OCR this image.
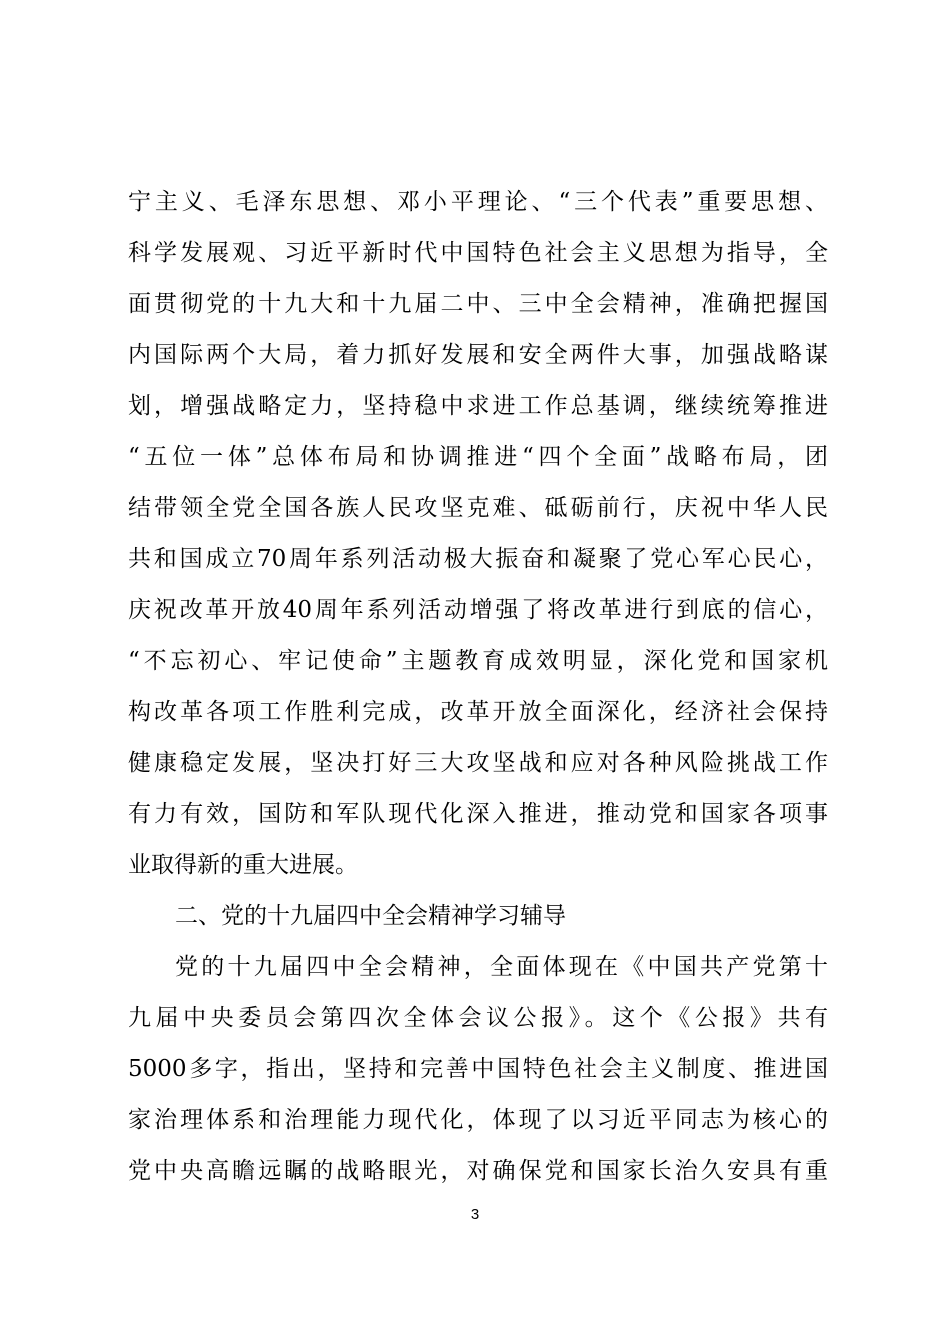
宁主义、毛泽东思想、邓小平理论、“三个代表”重要思想、
科学发展观、习近平新时代中国特色社会主义思想为指导，全
面贯彻党的十九大和十九届二中、三中全会精神，准确把握国
内国际两个大局，着力抓好发展和安全两件大事，加强战略谋
划，增强战略定力，坚持稳中求进工作总基调，继续统筹推进
“五位一体”总体布局和协调推进“四个全面”战略布局，团
结带领全党全国各族人民攻坚克难、砥砺前行，庆祝中华人民
共和国成立70周年系列活动极大振奋和凝聚了党心军心民心，
庆祝改革开放40周年系列活动增强了将改革进行到底的信心，
“不忘初心、牢记使命”主题教育成效明显，深化党和国家机
构改革各项工作胜利完成，改革开放全面深化，经济社会保持
健康稳定发展，坚决打好三大攻坚战和应对各种风险挑战工作
有力有效，国防和军队现代化深入推进，推动党和国家各项事
业取得新的重大进展。
二、党的十九届四中全会精神学习辅导
党的十九届四中全会精神，全面体现在《中国共产党第十
九届中央委员会第四次全体会议公报》。这个《公报》共有
5000多字，指出，坚持和完善中国特色社会主义制度、推进国
家治理体系和治理能力现代化，体现了以习近平同志为核心的
党中央高瞻远瞩的战略眼光，对确保党和国家长治久安具有重
3
